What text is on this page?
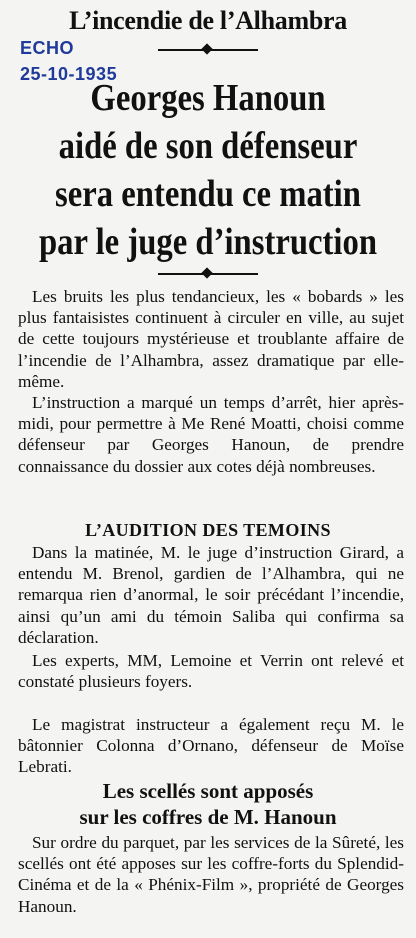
L’incendie de l’Alhambra
ECHO
25-10-1935
Georges Hanoun
aidé de son défenseur
sera entendu ce matin
par le juge d’instruction

Les bruits les plus tendancieux, les « bobards » les plus fantaisistes continuent à circuler en ville, au sujet de cette toujours mystérieuse et troublante affaire de l’incendie de l’Alhambra, assez dramatique par elle-même.

L’instruction a marqué un temps d’arrêt, hier après-midi, pour permettre à Me René Moatti, choisi comme défenseur par Georges Hanoun, de prendre connaissance du dossier aux cotes déjà nombreuses.

L’AUDITION DES TEMOINS

Dans la matinée, M. le juge d’instruction Girard, a entendu M. Brenol, gardien de l’Alhambra, qui ne remarqua rien d’anormal, le soir précédant l’incendie, ainsi qu’un ami du témoin Saliba qui confirma sa déclaration.

Les experts, MM, Lemoine et Verrin ont relevé et constaté plusieurs foyers.

Le magistrat instructeur a également reçu M. le bâtonnier Colonna d’Ornano, défenseur de Moïse Lebrati.

Les scellés sont apposés
sur les coffres de M. Hanoun

Sur ordre du parquet, par les services de la Sûreté, les scellés ont été apposes sur les coffre-forts du Splendid-Cinéma et de la « Phénix-Film », propriété de Georges Hanoun.
